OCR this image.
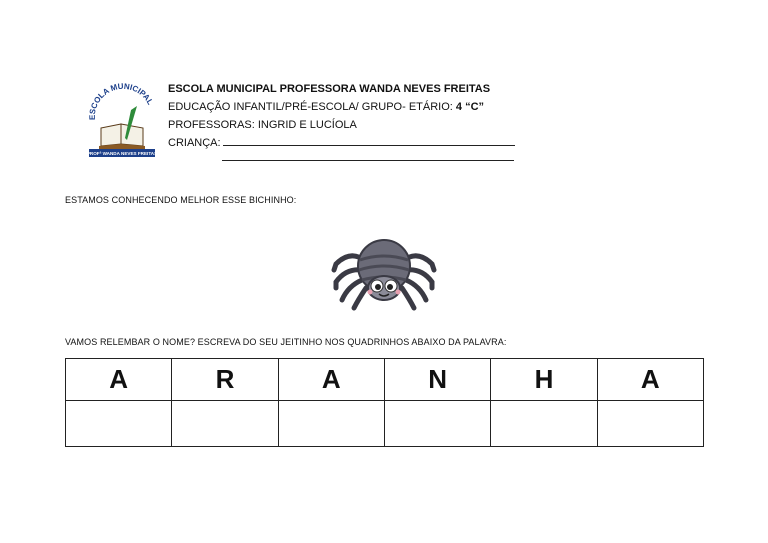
ESCOLA MUNICIPAL
PROFª WANDA NEVES FREITAS
ESCOLA MUNICIPAL PROFESSORA WANDA NEVES FREITAS
EDUCAÇÃO INFANTIL/PRÉ-ESCOLA/ GRUPO- ETÁRIO: 4 “C”
PROFESSORAS: INGRID E LUCÍOLA
CRIANÇA:
ESTAMOS CONHECENDO MELHOR ESSE BICHINHO:
VAMOS RELEMBAR O NOME? ESCREVA DO SEU JEITINHO NOS QUADRINHOS ABAIXO DA PALAVRA:
A	R	A	N	H	A
